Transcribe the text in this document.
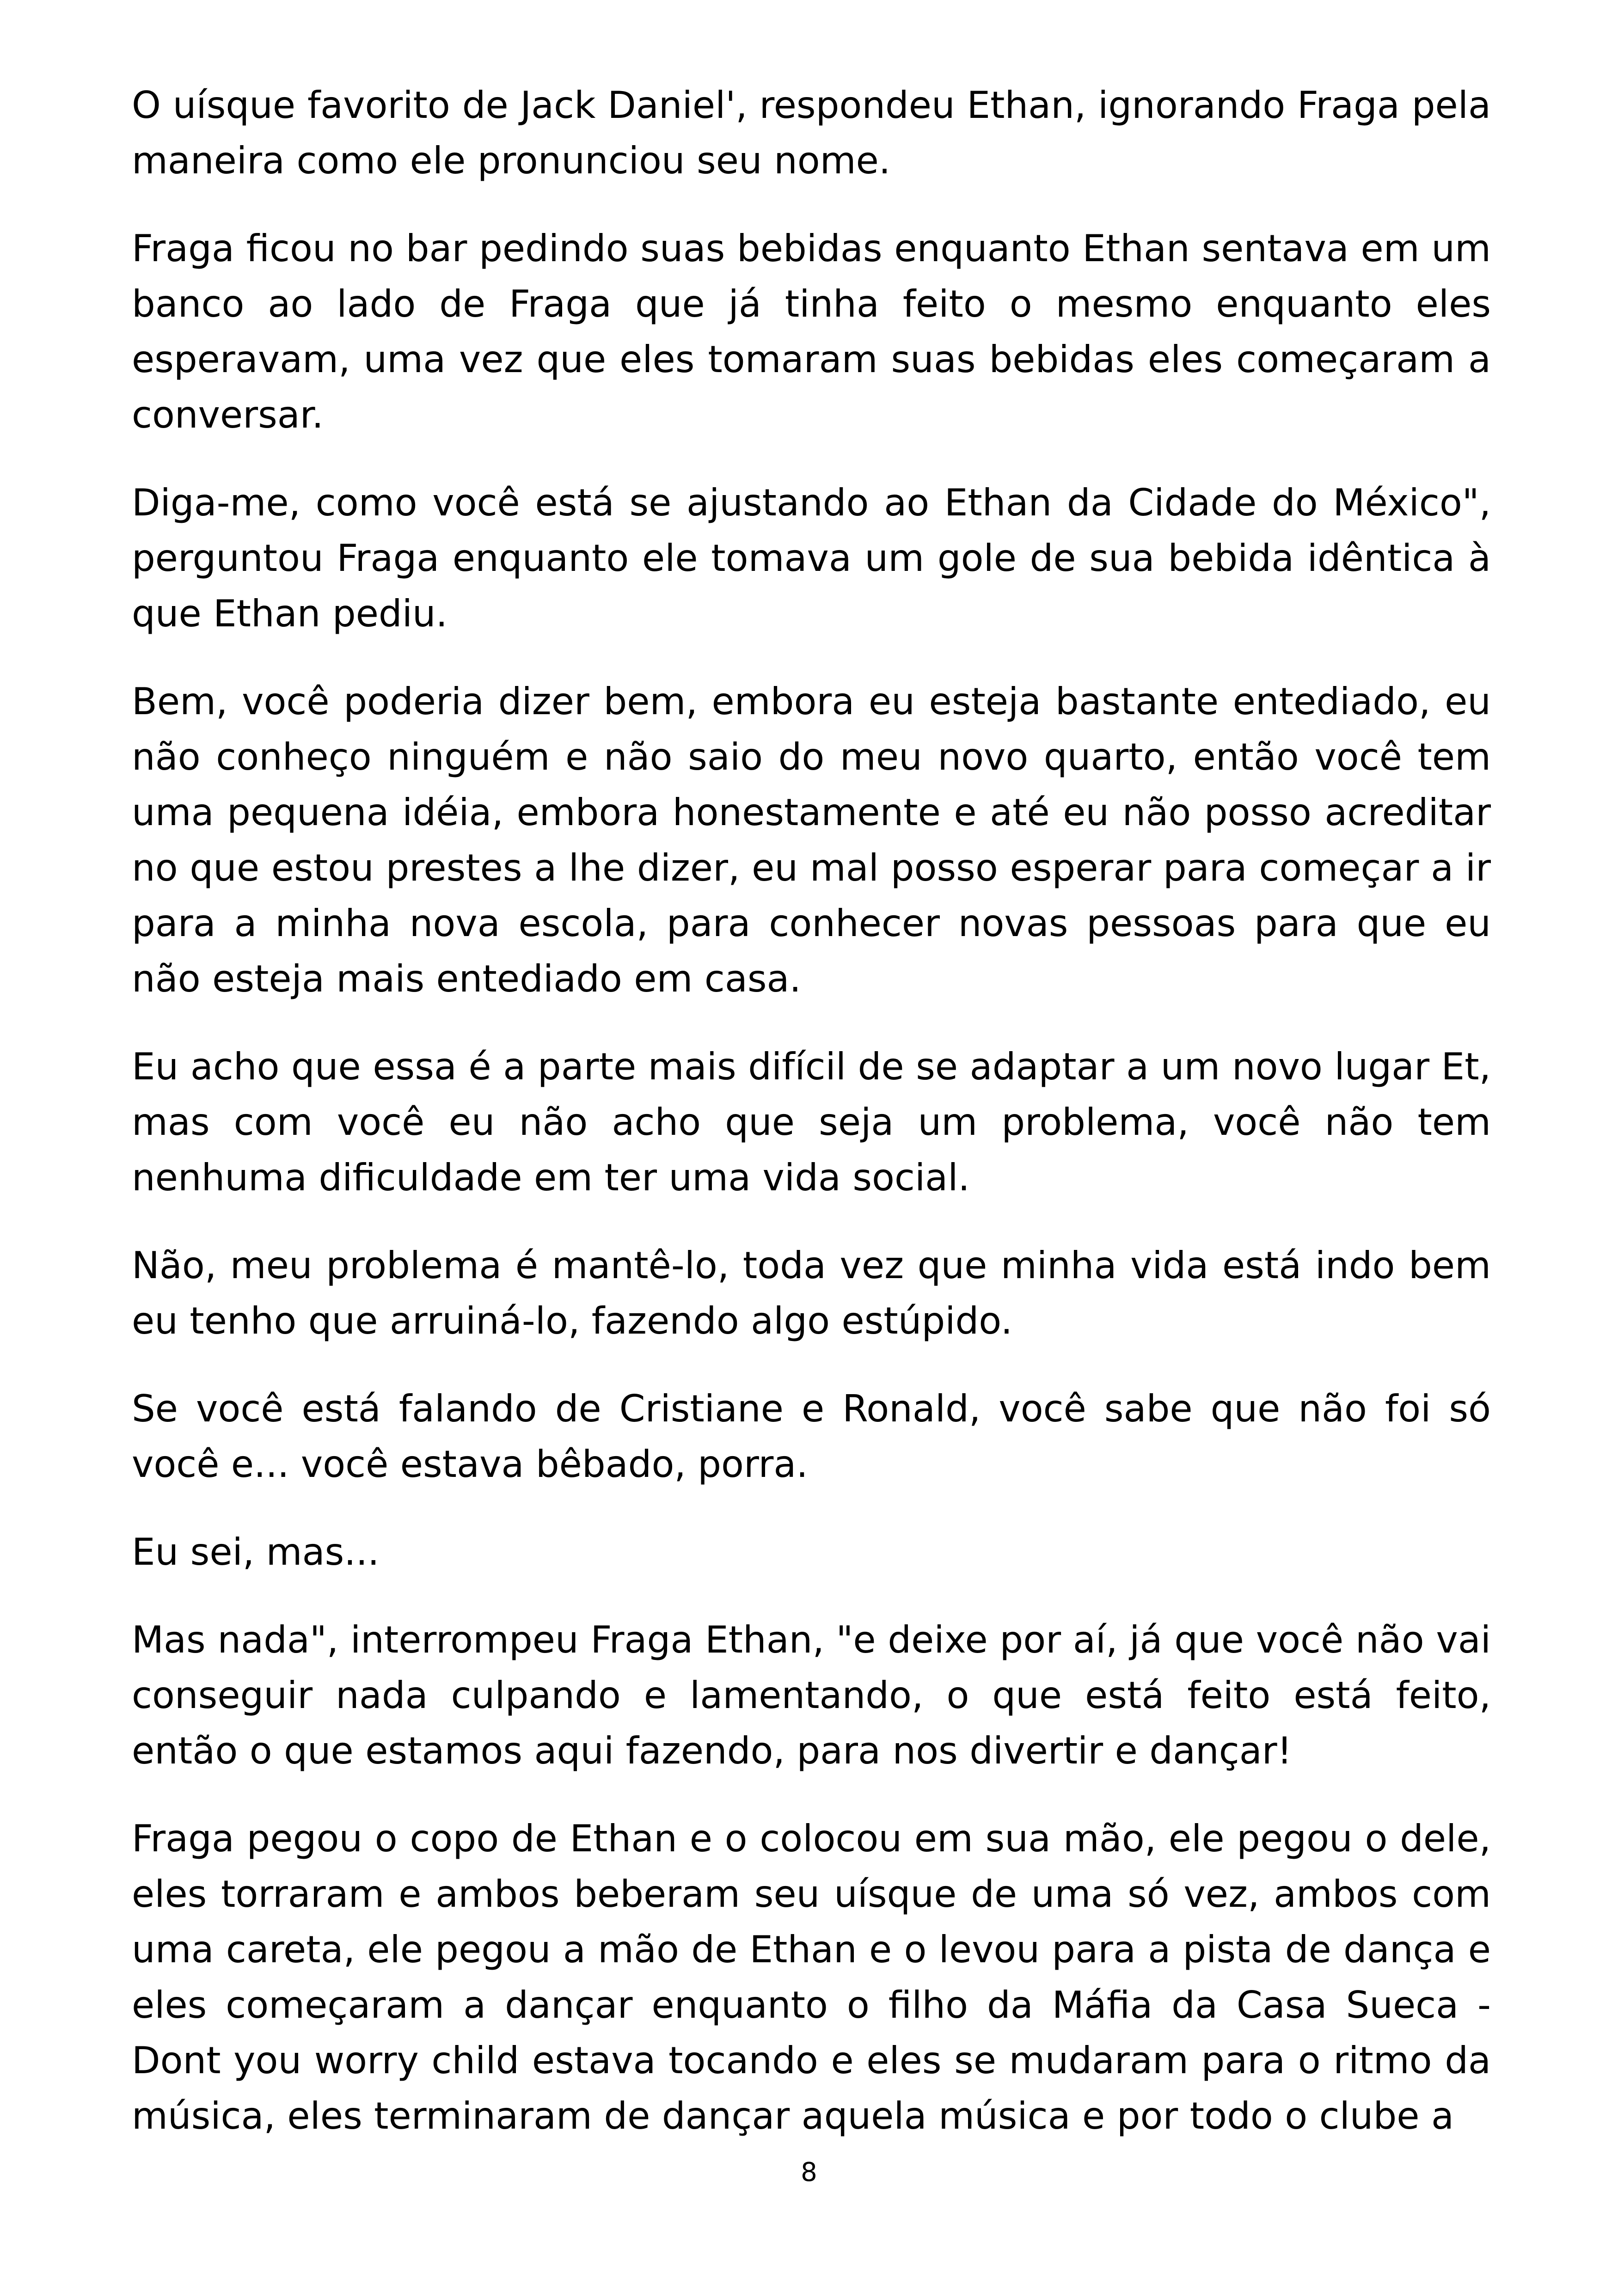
O uísque favorito de Jack Daniel', respondeu Ethan, ignorando Fraga pela maneira como ele pronunciou seu nome.

Fraga ficou no bar pedindo suas bebidas enquanto Ethan sentava em um banco ao lado de Fraga que já tinha feito o mesmo enquanto eles esperavam, uma vez que eles tomaram suas bebidas eles começaram a conversar.

Diga-me, como você está se ajustando ao Ethan da Cidade do México", perguntou Fraga enquanto ele tomava um gole de sua bebida idêntica à que Ethan pediu.

Bem, você poderia dizer bem, embora eu esteja bastante entediado, eu não conheço ninguém e não saio do meu novo quarto, então você tem uma pequena idéia, embora honestamente e até eu não posso acreditar no que estou prestes a lhe dizer, eu mal posso esperar para começar a ir para a minha nova escola, para conhecer novas pessoas para que eu não esteja mais entediado em casa.

Eu acho que essa é a parte mais difícil de se adaptar a um novo lugar Et, mas com você eu não acho que seja um problema, você não tem nenhuma dificuldade em ter uma vida social.

Não, meu problema é mantê-lo, toda vez que minha vida está indo bem eu tenho que arruiná-lo, fazendo algo estúpido.

Se você está falando de Cristiane e Ronald, você sabe que não foi só você e... você estava bêbado, porra.

Eu sei, mas...

Mas nada", interrompeu Fraga Ethan, "e deixe por aí, já que você não vai conseguir nada culpando e lamentando, o que está feito está feito, então o que estamos aqui fazendo, para nos divertir e dançar!

Fraga pegou o copo de Ethan e o colocou em sua mão, ele pegou o dele, eles torraram e ambos beberam seu uísque de uma só vez, ambos com uma careta, ele pegou a mão de Ethan e o levou para a pista de dança e eles começaram a dançar enquanto o filho da Máfia da Casa Sueca - Dont you worry child estava tocando e eles se mudaram para o ritmo da música, eles terminaram de dançar aquela música e por todo o clube a

8
